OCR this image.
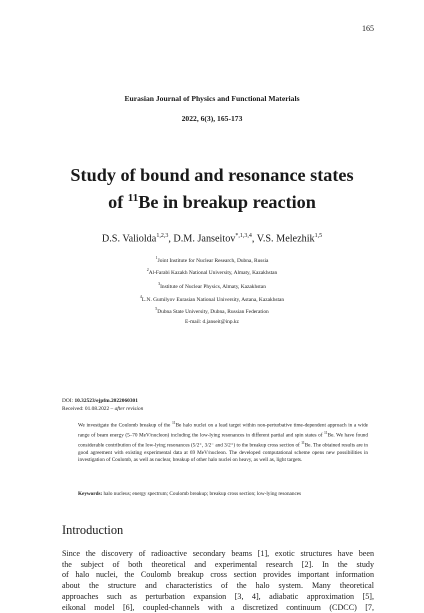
165
Eurasian Journal of Physics and Functional Materials
2022, 6(3), 165-173
Study of bound and resonance states
of $^{11}$Be in breakup reaction
D.S. Valiolda$^{1,2,3}$, D.M. Janseitov$^{*,1,3,4}$, V.S. Melezhik$^{1,5}$
$^1$Joint Institute for Nuclear Research, Dubna, Russia
$^2$Al-Farabi Kazakh National University, Almaty, Kazakhstan
$^3$Institute of Nuclear Physics, Almaty, Kazakhstan
$^4$L.N. Gumilyov Eurasian National University, Astana, Kazakhstan
$^5$Dubna State University, Dubna, Russian Federation
E-mail: d.janseit@inp.kz
DOI: 10.32523/ejpfm.2022060301
Received: 01.08.2022 – after revision
We investigate the Coulomb breakup of the $^{11}$Be halo nuclei on a lead target within non-perturbative time-dependent approach in a wide range of beam energy (5–70 MeV/nucleon) including the low-lying resonances in different partial and spin states of $^{11}$Be. We have found considerable contribution of the low-lying resonances (5/2⁺, 3/2⁻ and 3/2⁺) to the breakup cross section of $^{11}$Be. The obtained results are in good agreement with existing experimental data at 69 MeV/nucleon. The developed computational scheme opens new possibilities in investigation of Coulomb, as well as nuclear, breakup of other halo nuclei on heavy, as well as, light targets.
Keywords: halo nucleus; energy spectrum; Coulomb breakup; breakup cross section; low-lying resonances
Introduction
Since the discovery of radioactive secondary beams [1], exotic structures have been
the subject of both theoretical and experimental research [2]. In the study
of halo nuclei, the Coulomb breakup cross section provides important information
about the structure and characteristics of the halo system. Many theoretical
approaches such as perturbation expansion [3, 4], adiabatic approximation [5],
eikonal model [6], coupled-channels with a discretized continuum (CDCC) [7,
